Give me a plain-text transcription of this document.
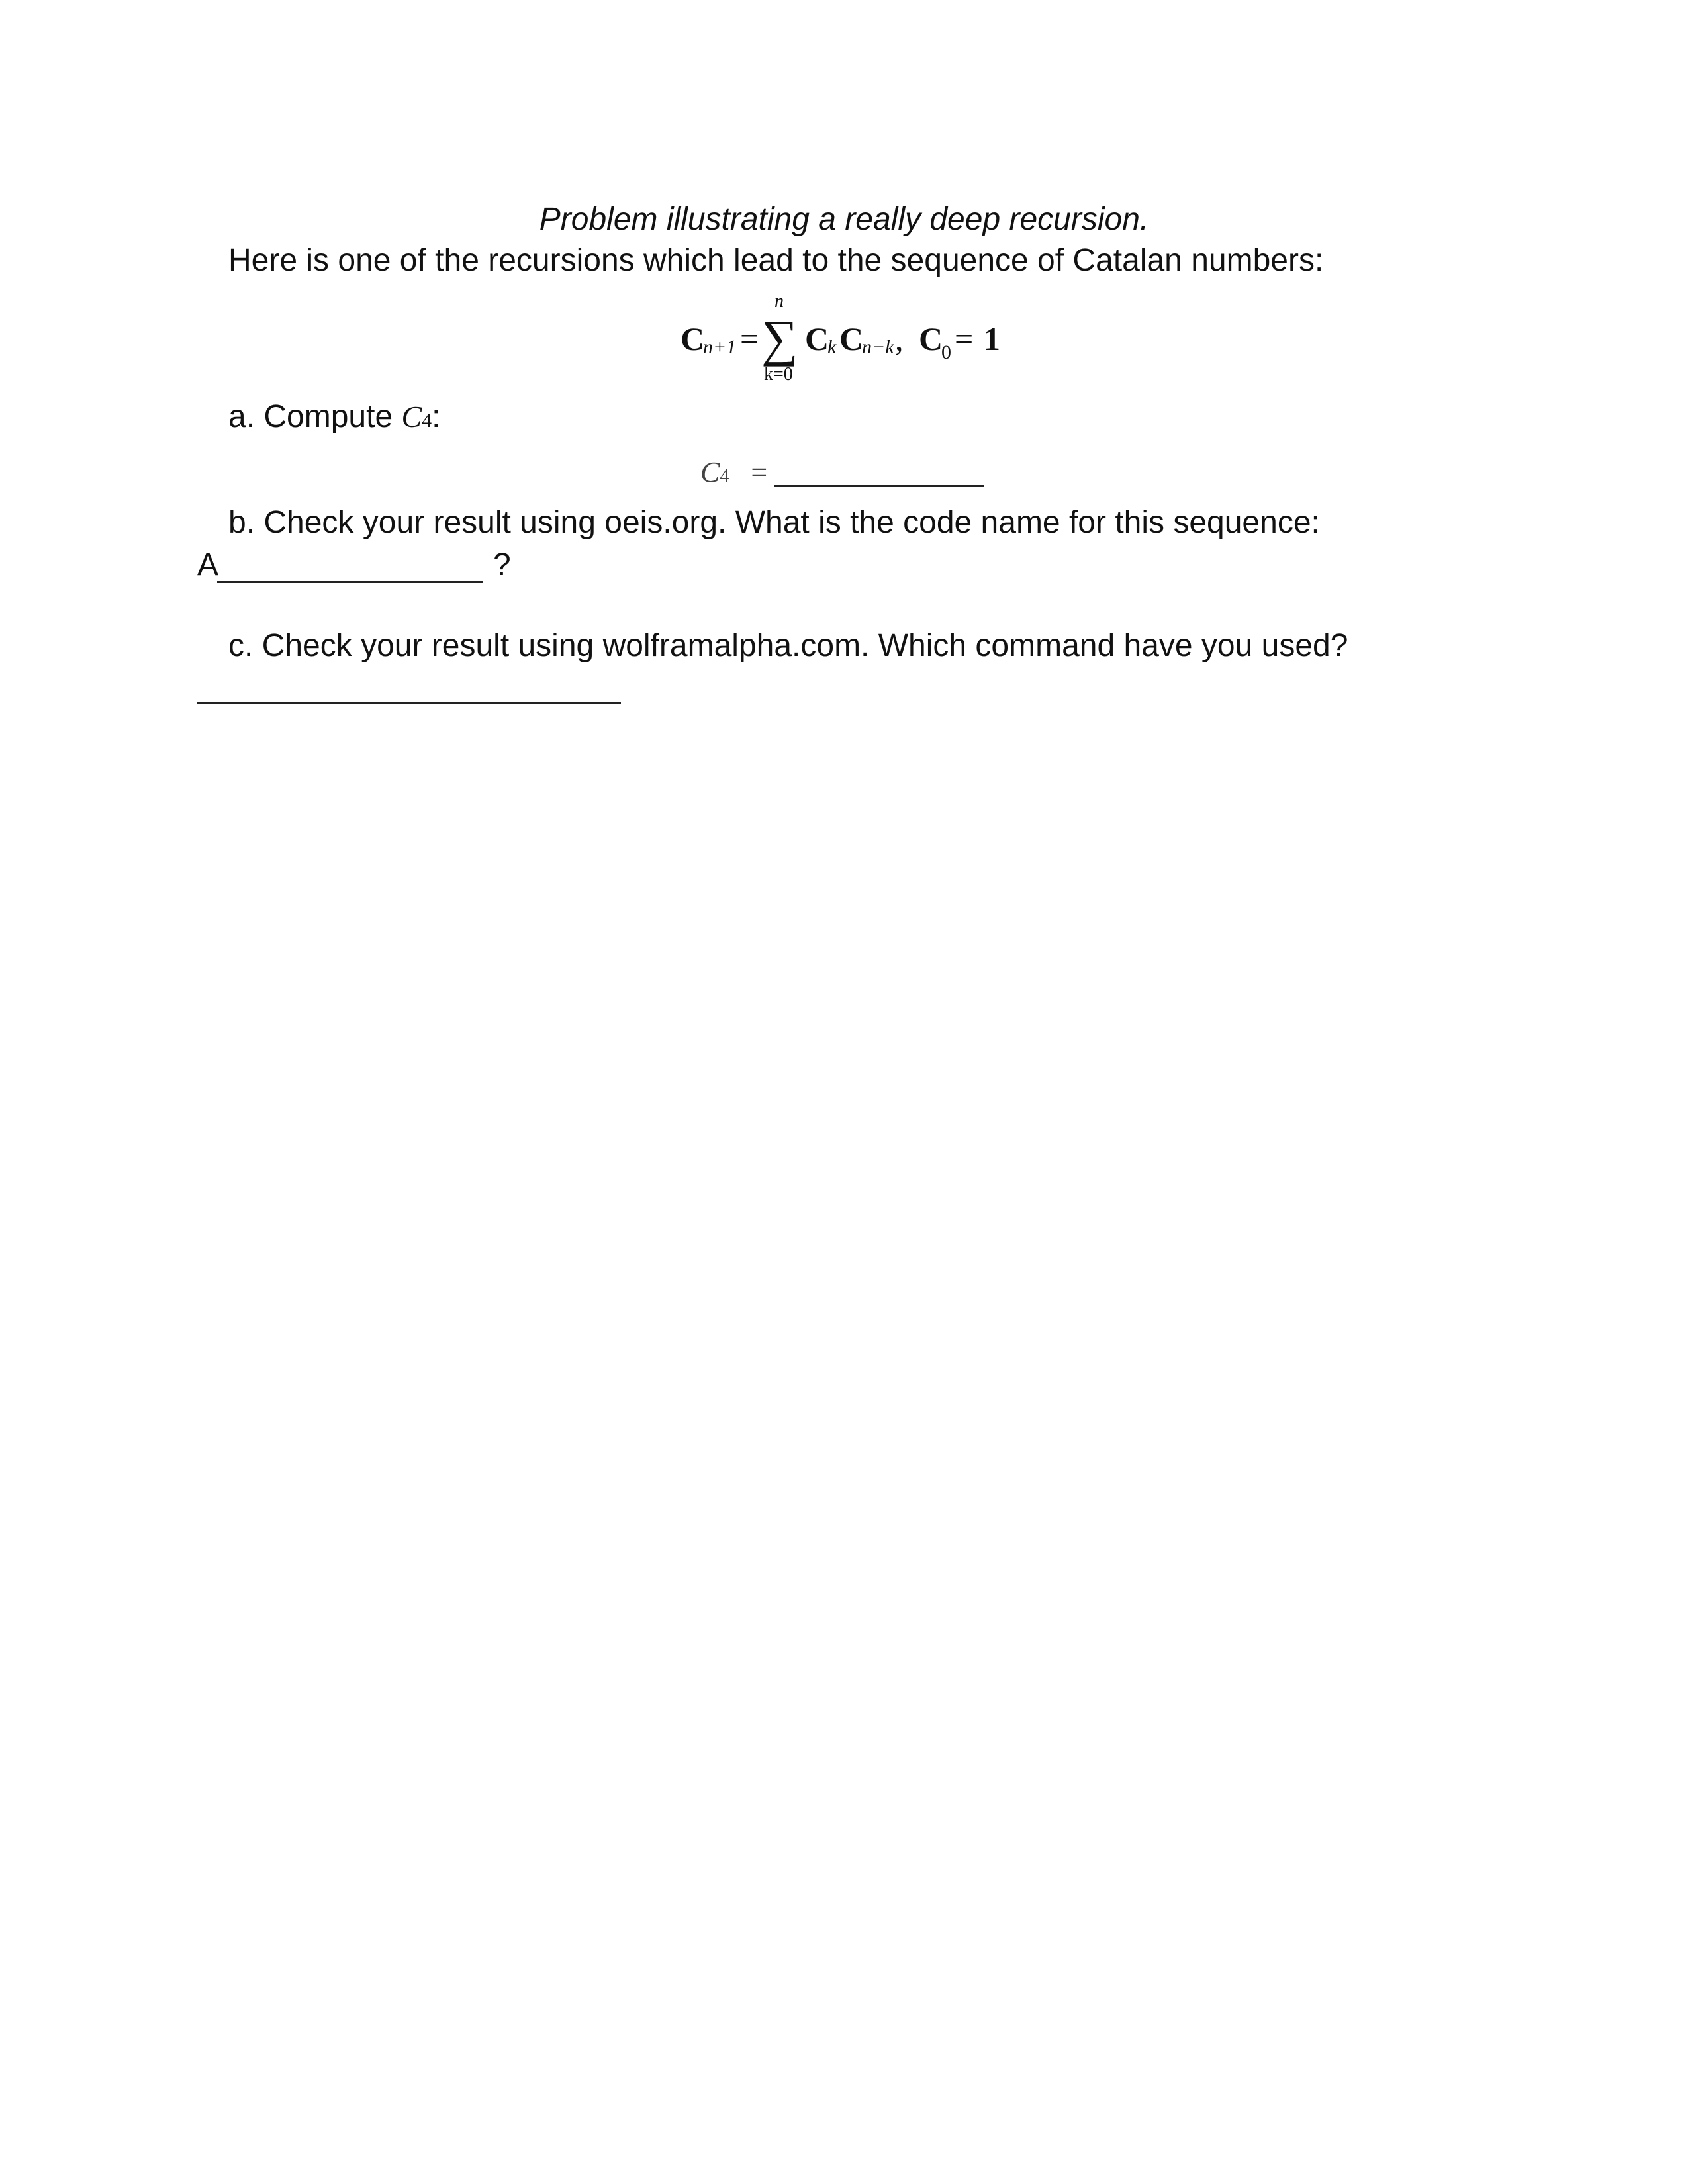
Problem illustrating a really deep recursion.
Here is one of the recursions which lead to the sequence of Catalan numbers:
C
n+1 = ∑
n
k=0
C
k C
n−k , C
0 = 1
a. Compute C4:
C4 =
b. Check your result using oeis.org. What is the code name for this sequence:
A	?
c. Check your result using wolframalpha.com. Which command have you used?
